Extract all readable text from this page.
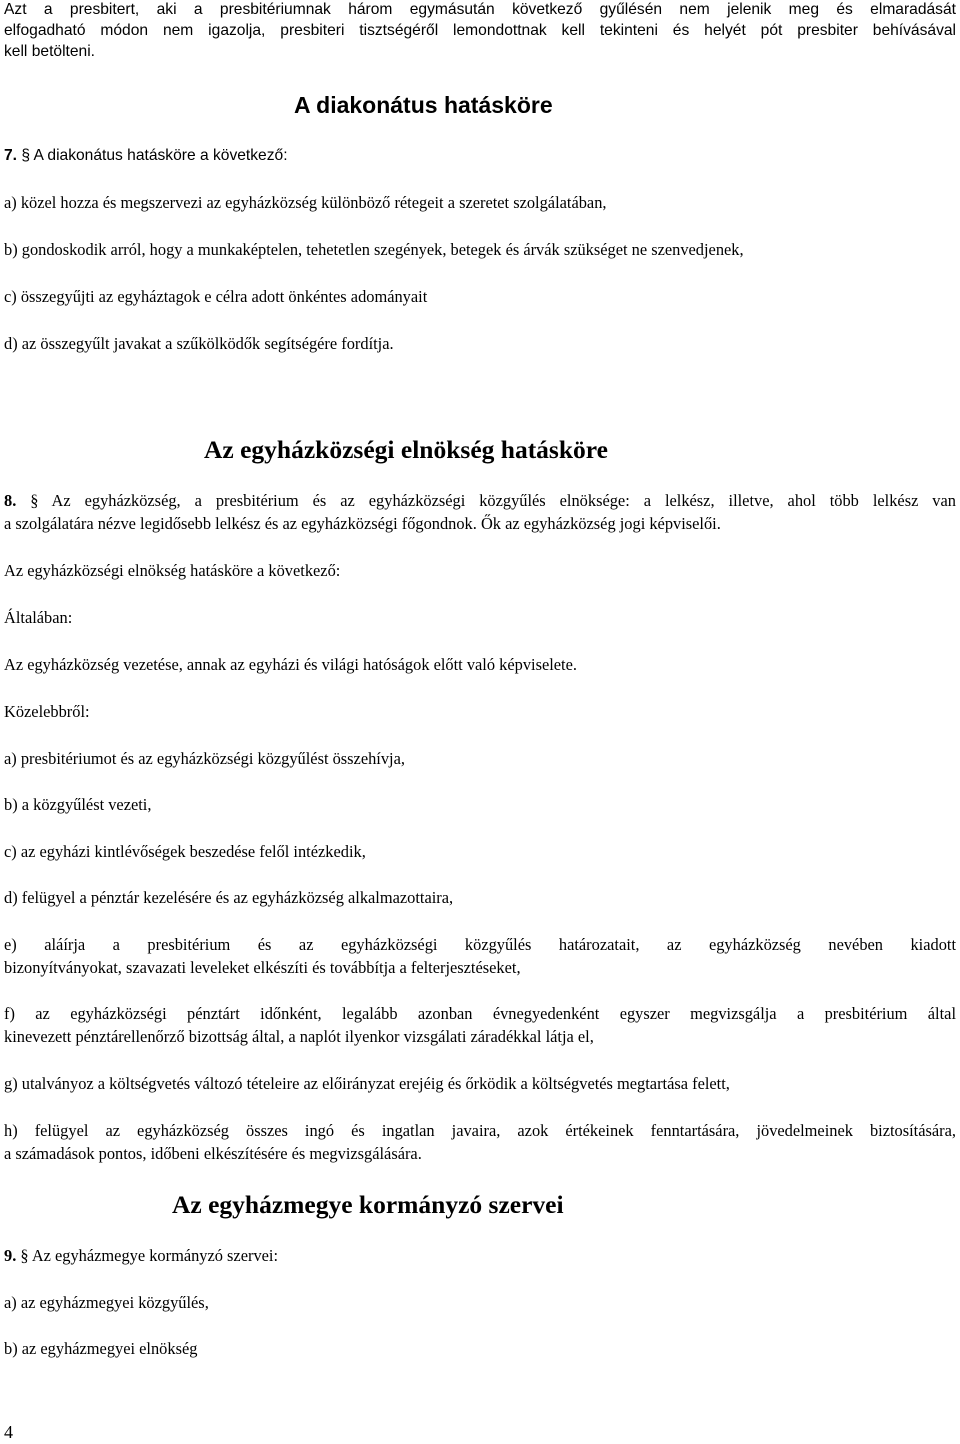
Azt a presbitert, aki a presbitériumnak három egymásután következő gyűlésén nem jelenik meg és elmaradását
elfogadható módon nem igazolja, presbiteri tisztségéről lemondottnak kell tekinteni és helyét pót presbiter behívásával
kell betölteni.
A diakonátus hatásköre
7. § A diakonátus hatásköre a következő:
a) közel hozza és megszervezi az egyházközség különböző rétegeit a szeretet szolgálatában,
b) gondoskodik arról, hogy a munkaképtelen, tehetetlen szegények, betegek és árvák szükséget ne szenvedjenek,
c) összegyűjti az egyháztagok e célra adott önkéntes adományait
d) az összegyűlt javakat a szűkölködők segítségére fordítja.
Az egyházközségi elnökség hatásköre
8. § Az egyházközség, a presbitérium és az egyházközségi közgyűlés elnöksége: a lelkész, illetve, ahol több lelkész van
a szolgálatára nézve legidősebb lelkész és az egyházközségi főgondnok. Ők az egyházközség jogi képviselői.
Az egyházközségi elnökség hatásköre a következő:
Általában:
Az egyházközség vezetése, annak az egyházi és világi hatóságok előtt való képviselete.
Közelebbről:
a) presbitériumot és az egyházközségi közgyűlést összehívja,
b) a közgyűlést vezeti,
c) az egyházi kintlévőségek beszedése felől intézkedik,
d) felügyel a pénztár kezelésére és az egyházközség alkalmazottaira,
e) aláírja a presbitérium és az egyházközségi közgyűlés határozatait, az egyházközség nevében kiadott
bizonyítványokat, szavazati leveleket elkészíti és továbbítja a felterjesztéseket,
f) az egyházközségi pénztárt időnként, legalább azonban évnegyedenként egyszer megvizsgálja a presbitérium által
kinevezett pénztárellenőrző bizottság által, a naplót ilyenkor vizsgálati záradékkal látja el,
g) utalványoz a költségvetés változó tételeire az előirányzat erejéig és őrködik a költségvetés megtartása felett,
h) felügyel az egyházközség összes ingó és ingatlan javaira, azok értékeinek fenntartására, jövedelmeinek biztosítására,
a számadások pontos, időbeni elkészítésére és megvizsgálására.
Az egyházmegye kormányzó szervei
9. § Az egyházmegye kormányzó szervei:
a) az egyházmegyei közgyűlés,
b) az egyházmegyei elnökség
4
